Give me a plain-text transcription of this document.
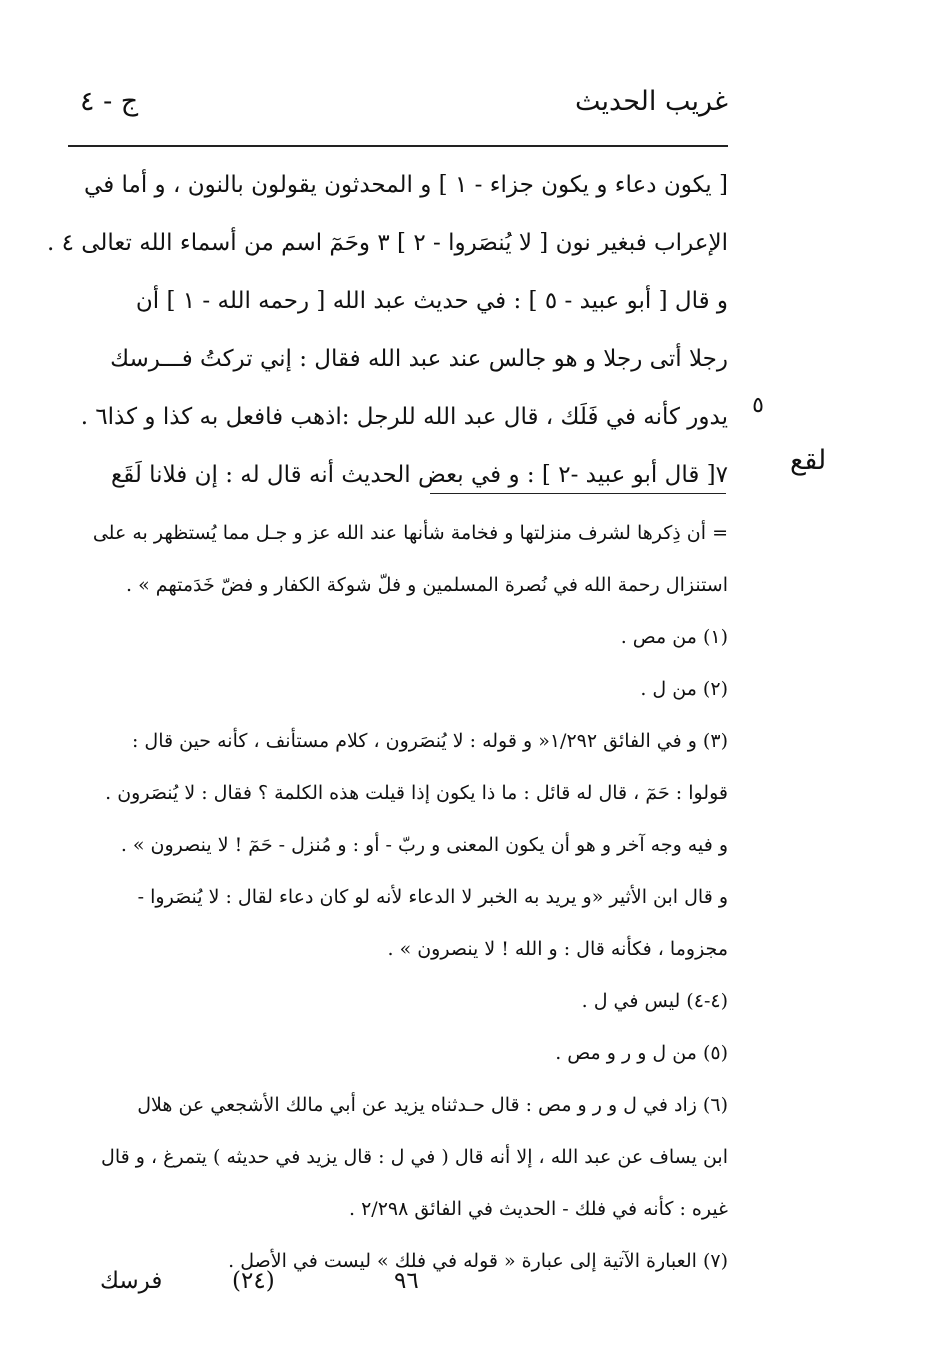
غريب الحديث
ج - ٤
[ يكون دعاء و يكون جزاء - ١ ] و المحدثون يقولون بالنون ، و أما في
الإعراب فبغير نون [ لا يُنصَروا - ٢ ] ٣ وحَمٓ اسم من أسماء الله تعالى ٤ .
و قال [ أبو عبيد - ٥ ] : في حديث عبد الله [ رحمه الله - ١ ] أن
رجلا أتى رجلا و هو جالس عند عبد الله فقال : إني تركتُ فـــرسك
يدور كأنه في فَلَك ، قال عبد الله للرجل :اذهب فافعل به كذا و كذا٦ .
٧[ قال أبو عبيد -٢ ] : و في بعض الحديث أنه قال له : إن فلانا لَقَع
٥
لقع
= أن ذِكرها لشرف منزلتها و فخامة شأنها عند الله عز و جـل مما يُستظهر به على
استنزال رحمة الله في نُصرة المسلمين و فلّ شوكة الكفار و فضّ خَدَمتهم » .
(١) من مص .
(٢) من ل .
(٣) و في الفائق ١/٢٩٢« و قوله : لا يُنصَرون ، كلام مستأنف ، كأنه حين قال :
قولوا : حَمٓ ، قال له قائل : ما ذا يكون إذا قيلت هذه الكلمة ؟ فقال : لا يُنصَرون .
و فيه وجه آخر و هو أن يكون المعنى و ربّ - أو : و مُنزل - حَمٓ ! لا ينصرون » .
و قال ابن الأثير «و يريد به الخبر لا الدعاء لأنه لو كان دعاء لقال : لا يُنصَروا -
مجزوما ، فكأنه قال : و الله ! لا ينصرون » .
(٤-٤) ليس في ل .
(٥) من ل و ر و مص .
(٦) زاد في ل و ر و مص : قال حـدثناه يزيد عن أبي مالك الأشجعي عن هلال
ابن يساف عن عبد الله ، إلا أنه قال ( في ل : قال يزيد في حديثه ) يتمرغ ، و قال
غيره : كأنه في فلك - الحديث في الفائق ٢/٢٩٨ .
(٧) العبارة الآتية إلى عبارة « قوله في فلك » ليست في الأصل .
فرسك	(٢٤)	٩٦
